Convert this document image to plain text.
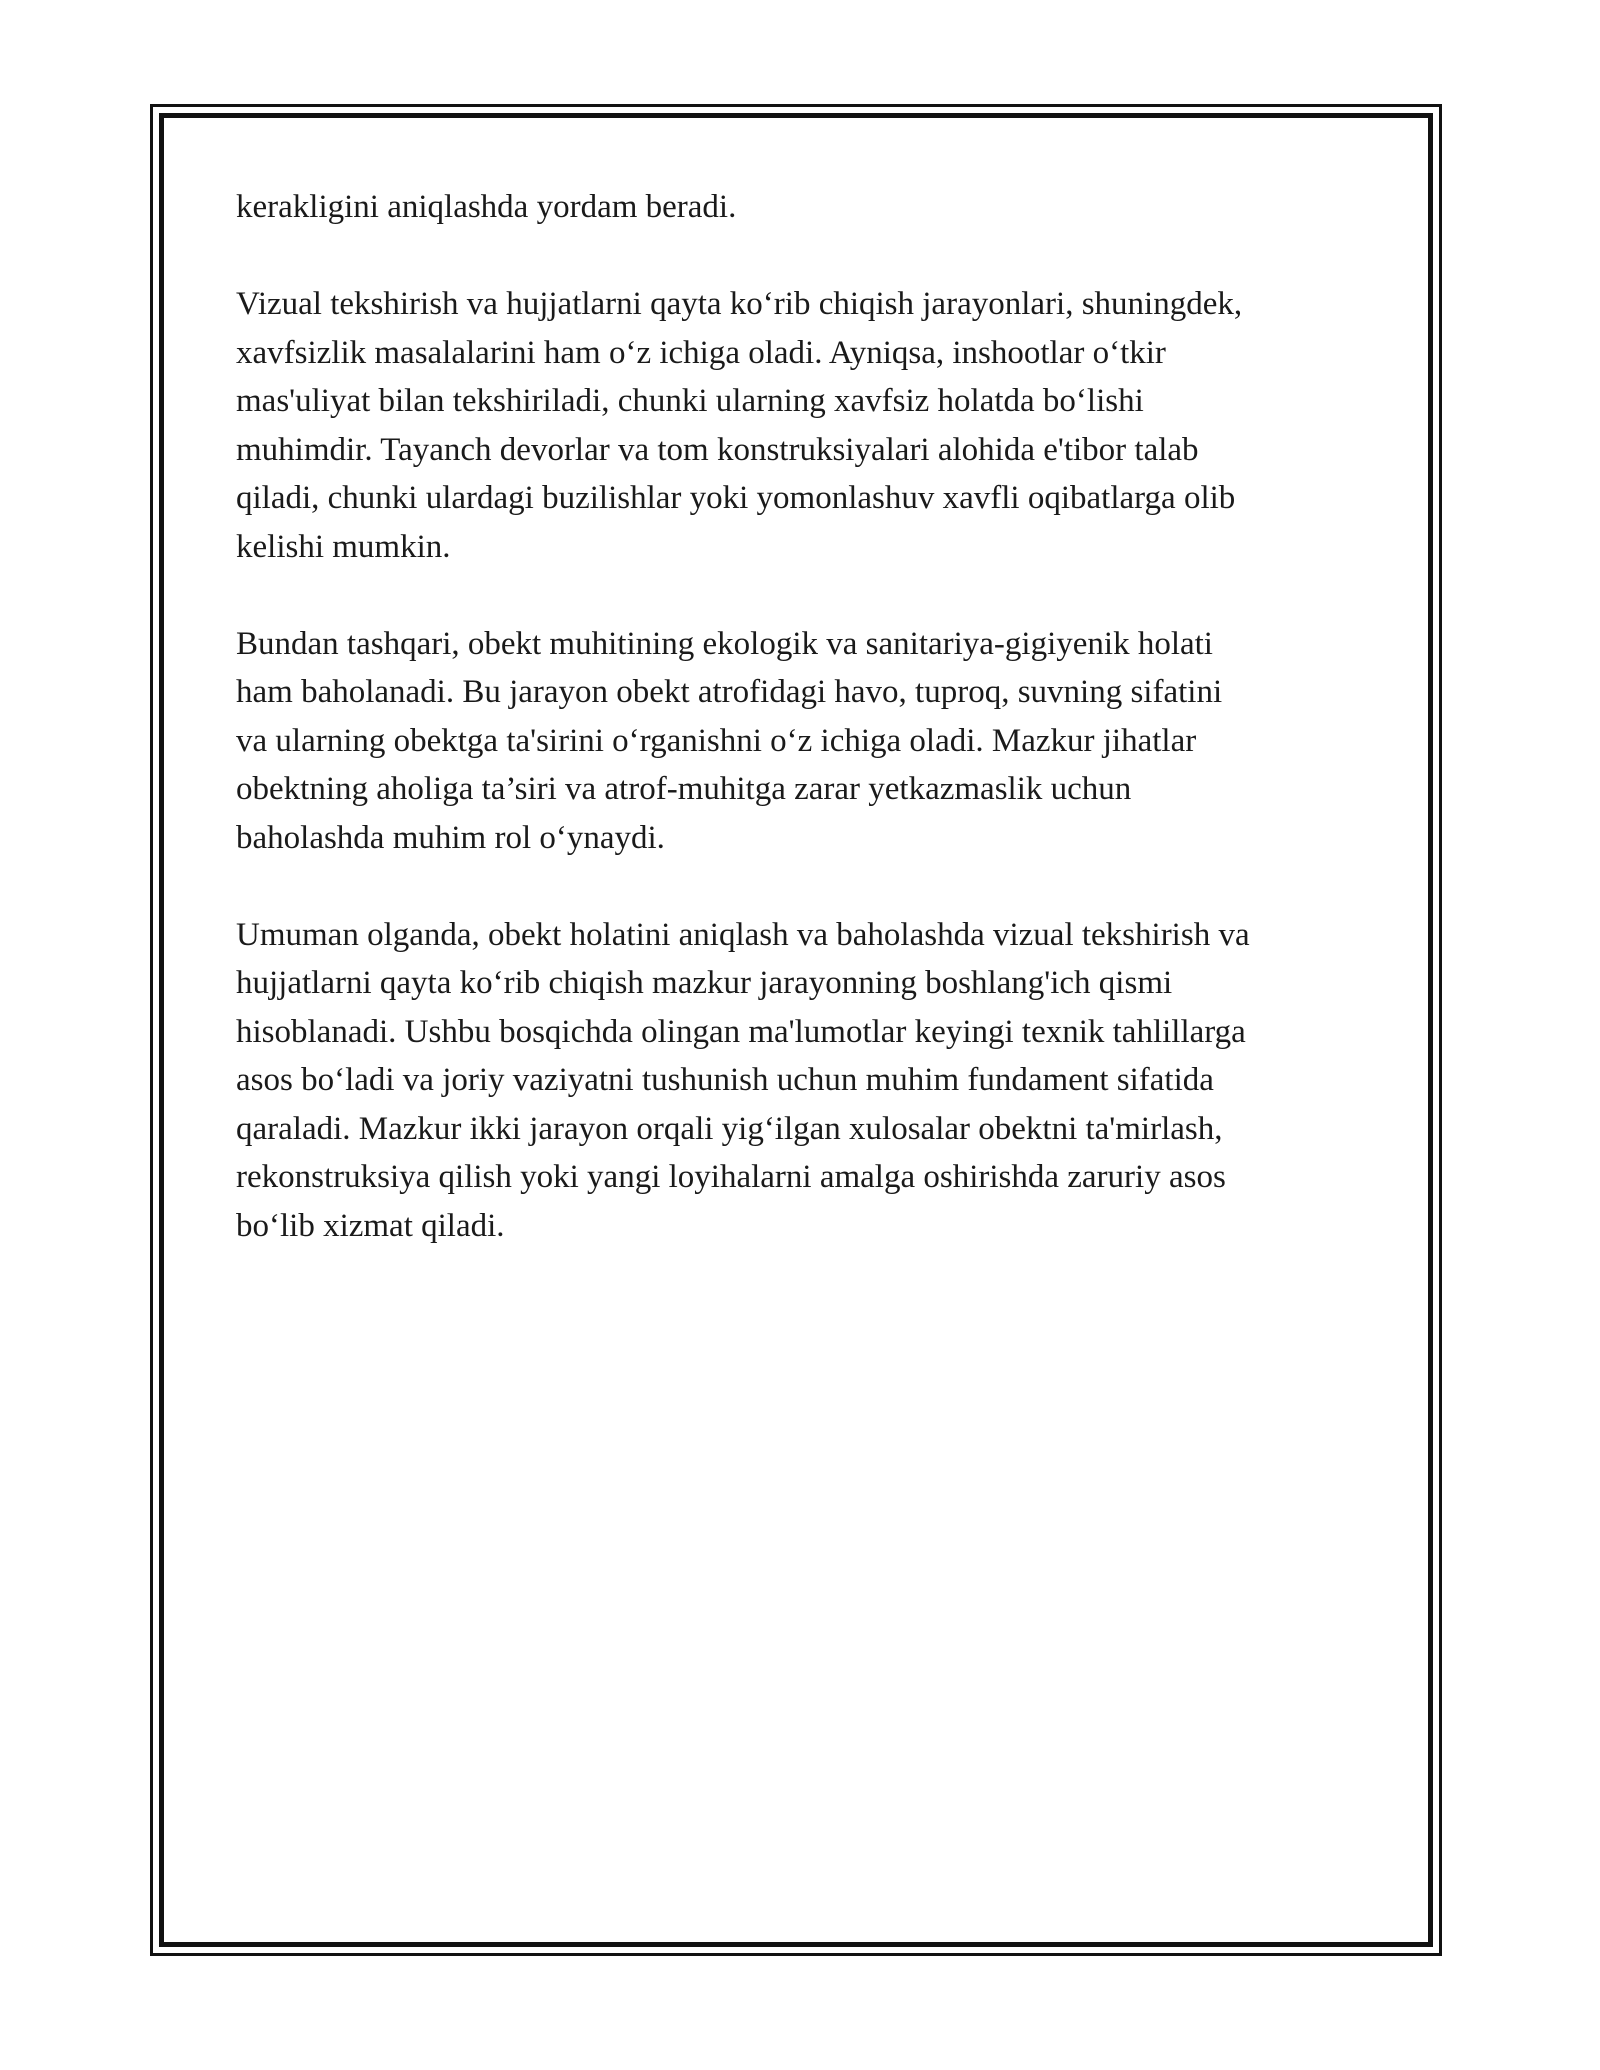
kerakligini aniqlashda yordam beradi.

Vizual tekshirish va hujjatlarni qayta koʻrib chiqish jarayonlari, shuningdek,
xavfsizlik masalalarini ham oʻz ichiga oladi. Ayniqsa, inshootlar oʻtkir
mas'uliyat bilan tekshiriladi, chunki ularning xavfsiz holatda boʻlishi
muhimdir. Tayanch devorlar va tom konstruksiyalari alohida e'tibor talab
qiladi, chunki ulardagi buzilishlar yoki yomonlashuv xavfli oqibatlarga olib
kelishi mumkin.

Bundan tashqari, obekt muhitining ekologik va sanitariya-gigiyenik holati
ham baholanadi. Bu jarayon obekt atrofidagi havo, tuproq, suvning sifatini
va ularning obektga ta'sirini oʻrganishni oʻz ichiga oladi. Mazkur jihatlar
obektning aholiga ta’siri va atrof-muhitga zarar yetkazmaslik uchun
baholashda muhim rol oʻynaydi.

Umuman olganda, obekt holatini aniqlash va baholashda vizual tekshirish va
hujjatlarni qayta koʻrib chiqish mazkur jarayonning boshlang'ich qismi
hisoblanadi. Ushbu bosqichda olingan ma'lumotlar keyingi texnik tahlillarga
asos boʻladi va joriy vaziyatni tushunish uchun muhim fundament sifatida
qaraladi. Mazkur ikki jarayon orqali yigʻilgan xulosalar obektni ta'mirlash,
rekonstruksiya qilish yoki yangi loyihalarni amalga oshirishda zaruriy asos
boʻlib xizmat qiladi.
